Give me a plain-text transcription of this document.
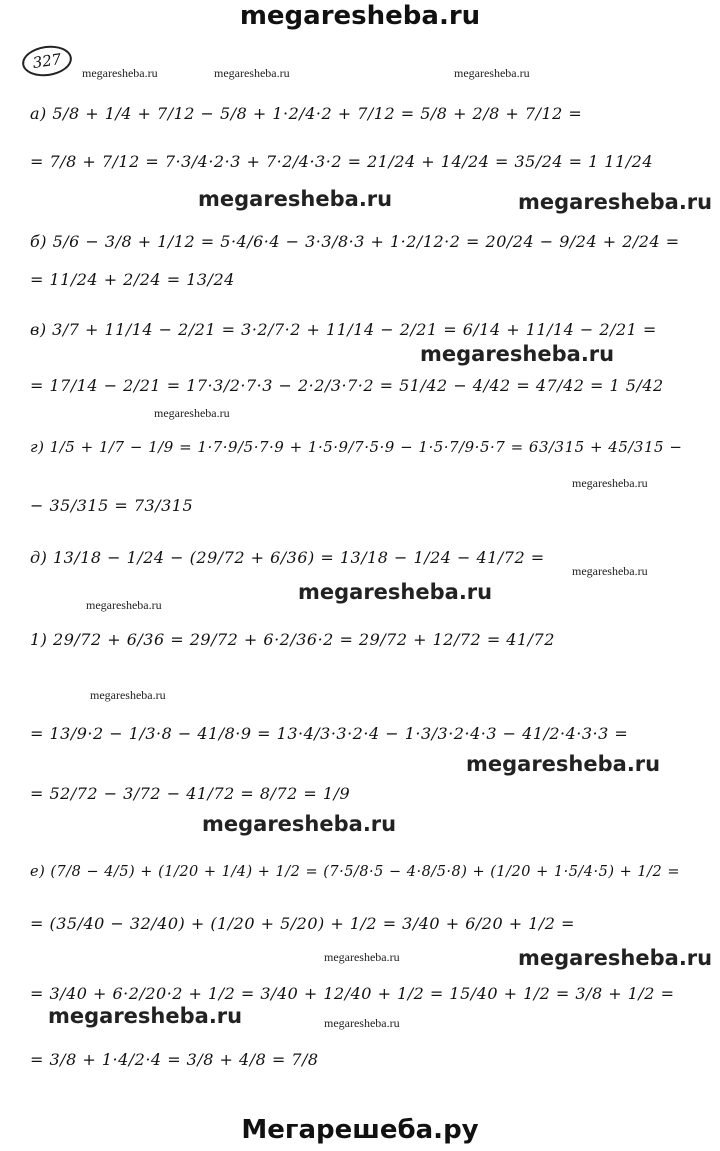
megaresheba.ru
327
megaresheba.ru	megaresheba.ru	megaresheba.ru
megaresheba.ru
megaresheba.ru
megaresheba.ru
megaresheba.ru
megaresheba.ru
megaresheba.ru
megaresheba.ru
megaresheba.ru	megaresheba.ru
megaresheba.ru
megaresheba.ru
megaresheba.ru
megaresheba.ru
megaresheba.ru
megaresheba.ru
а) 5/8 + 1/4 + 7/12 − 5/8 + 1·2/4·2 + 7/12 = 5/8 + 2/8 + 7/12 =
= 7/8 + 7/12 = 7·3/4·2·3 + 7·2/4·3·2 = 21/24 + 14/24 = 35/24 = 1 11/24
б) 5/6 − 3/8 + 1/12 = 5·4/6·4 − 3·3/8·3 + 1·2/12·2 = 20/24 − 9/24 + 2/24 =
= 11/24 + 2/24 = 13/24
в) 3/7 + 11/14 − 2/21 = 3·2/7·2 + 11/14 − 2/21 = 6/14 + 11/14 − 2/21 =
= 17/14 − 2/21 = 17·3/2·7·3 − 2·2/3·7·2 = 51/42 − 4/42 = 47/42 = 1 5/42
г) 1/5 + 1/7 − 1/9 = 1·7·9/5·7·9 + 1·5·9/7·5·9 − 1·5·7/9·5·7 = 63/315 + 45/315 −
− 35/315 = 73/315
д) 13/18 − 1/24 − (29/72 + 6/36) = 13/18 − 1/24 − 41/72 =
1) 29/72 + 6/36 = 29/72 + 6·2/36·2 = 29/72 + 12/72 = 41/72
= 13/9·2 − 1/3·8 − 41/8·9 = 13·4/3·3·2·4 − 1·3/3·2·4·3 − 41/2·4·3·3 =
= 52/72 − 3/72 − 41/72 = 8/72 = 1/9
е) (7/8 − 4/5) + (1/20 + 1/4) + 1/2 = (7·5/8·5 − 4·8/5·8) + (1/20 + 1·5/4·5) + 1/2 =
= (35/40 − 32/40) + (1/20 + 5/20) + 1/2 = 3/40 + 6/20 + 1/2 =
= 3/40 + 6·2/20·2 + 1/2 = 3/40 + 12/40 + 1/2 = 15/40 + 1/2 = 3/8 + 1/2 =
= 3/8 + 1·4/2·4 = 3/8 + 4/8 = 7/8
Мегарешеба.ру
